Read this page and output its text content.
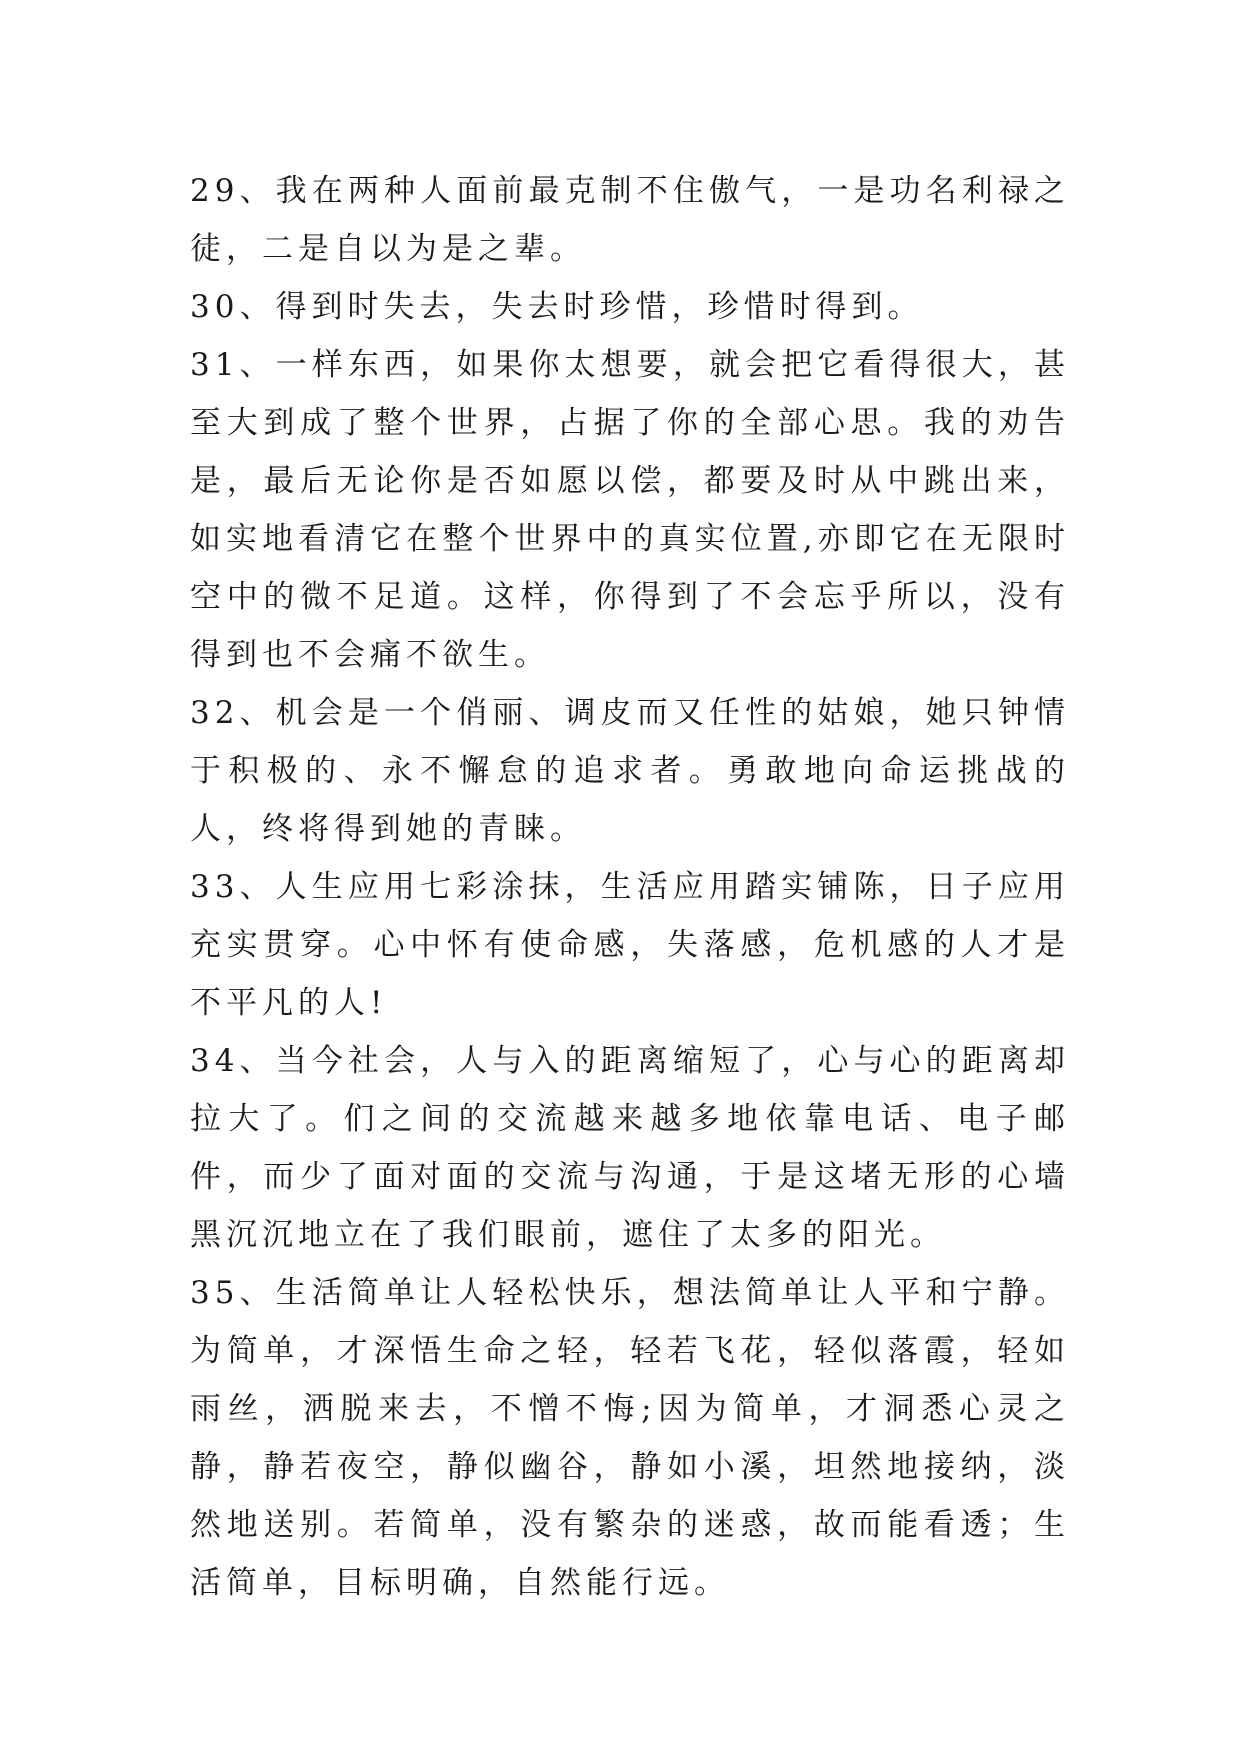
29、我在两种人面前最克制不住傲气，一是功名利禄之徒，二是自以为是之辈。

30、得到时失去，失去时珍惜，珍惜时得到。

31、一样东西，如果你太想要，就会把它看得很大，甚至大到成了整个世界，占据了你的全部心思。我的劝告是，最后无论你是否如愿以偿，都要及时从中跳出来，如实地看清它在整个世界中的真实位置,亦即它在无限时空中的微不足道。这样，你得到了不会忘乎所以，没有得到也不会痛不欲生。

32、机会是一个俏丽、调皮而又任性的姑娘，她只钟情于积极的、永不懈怠的追求者。勇敢地向命运挑战的人，终将得到她的青睐。

33、人生应用七彩涂抹，生活应用踏实铺陈，日子应用充实贯穿。心中怀有使命感，失落感，危机感的人才是不平凡的人!

34、当今社会，人与入的距离缩短了，心与心的距离却拉大了。们之间的交流越来越多地依靠电话、电子邮件，而少了面对面的交流与沟通，于是这堵无形的心墙黑沉沉地立在了我们眼前，遮住了太多的阳光。

35、生活简单让人轻松快乐，想法简单让人平和宁静。为简单，才深悟生命之轻，轻若飞花，轻似落霞，轻如雨丝，洒脱来去，不憎不悔;因为简单，才洞悉心灵之静，静若夜空，静似幽谷，静如小溪，坦然地接纳，淡然地送别。若简单，没有繁杂的迷惑，故而能看透；生活简单，目标明确，自然能行远。
